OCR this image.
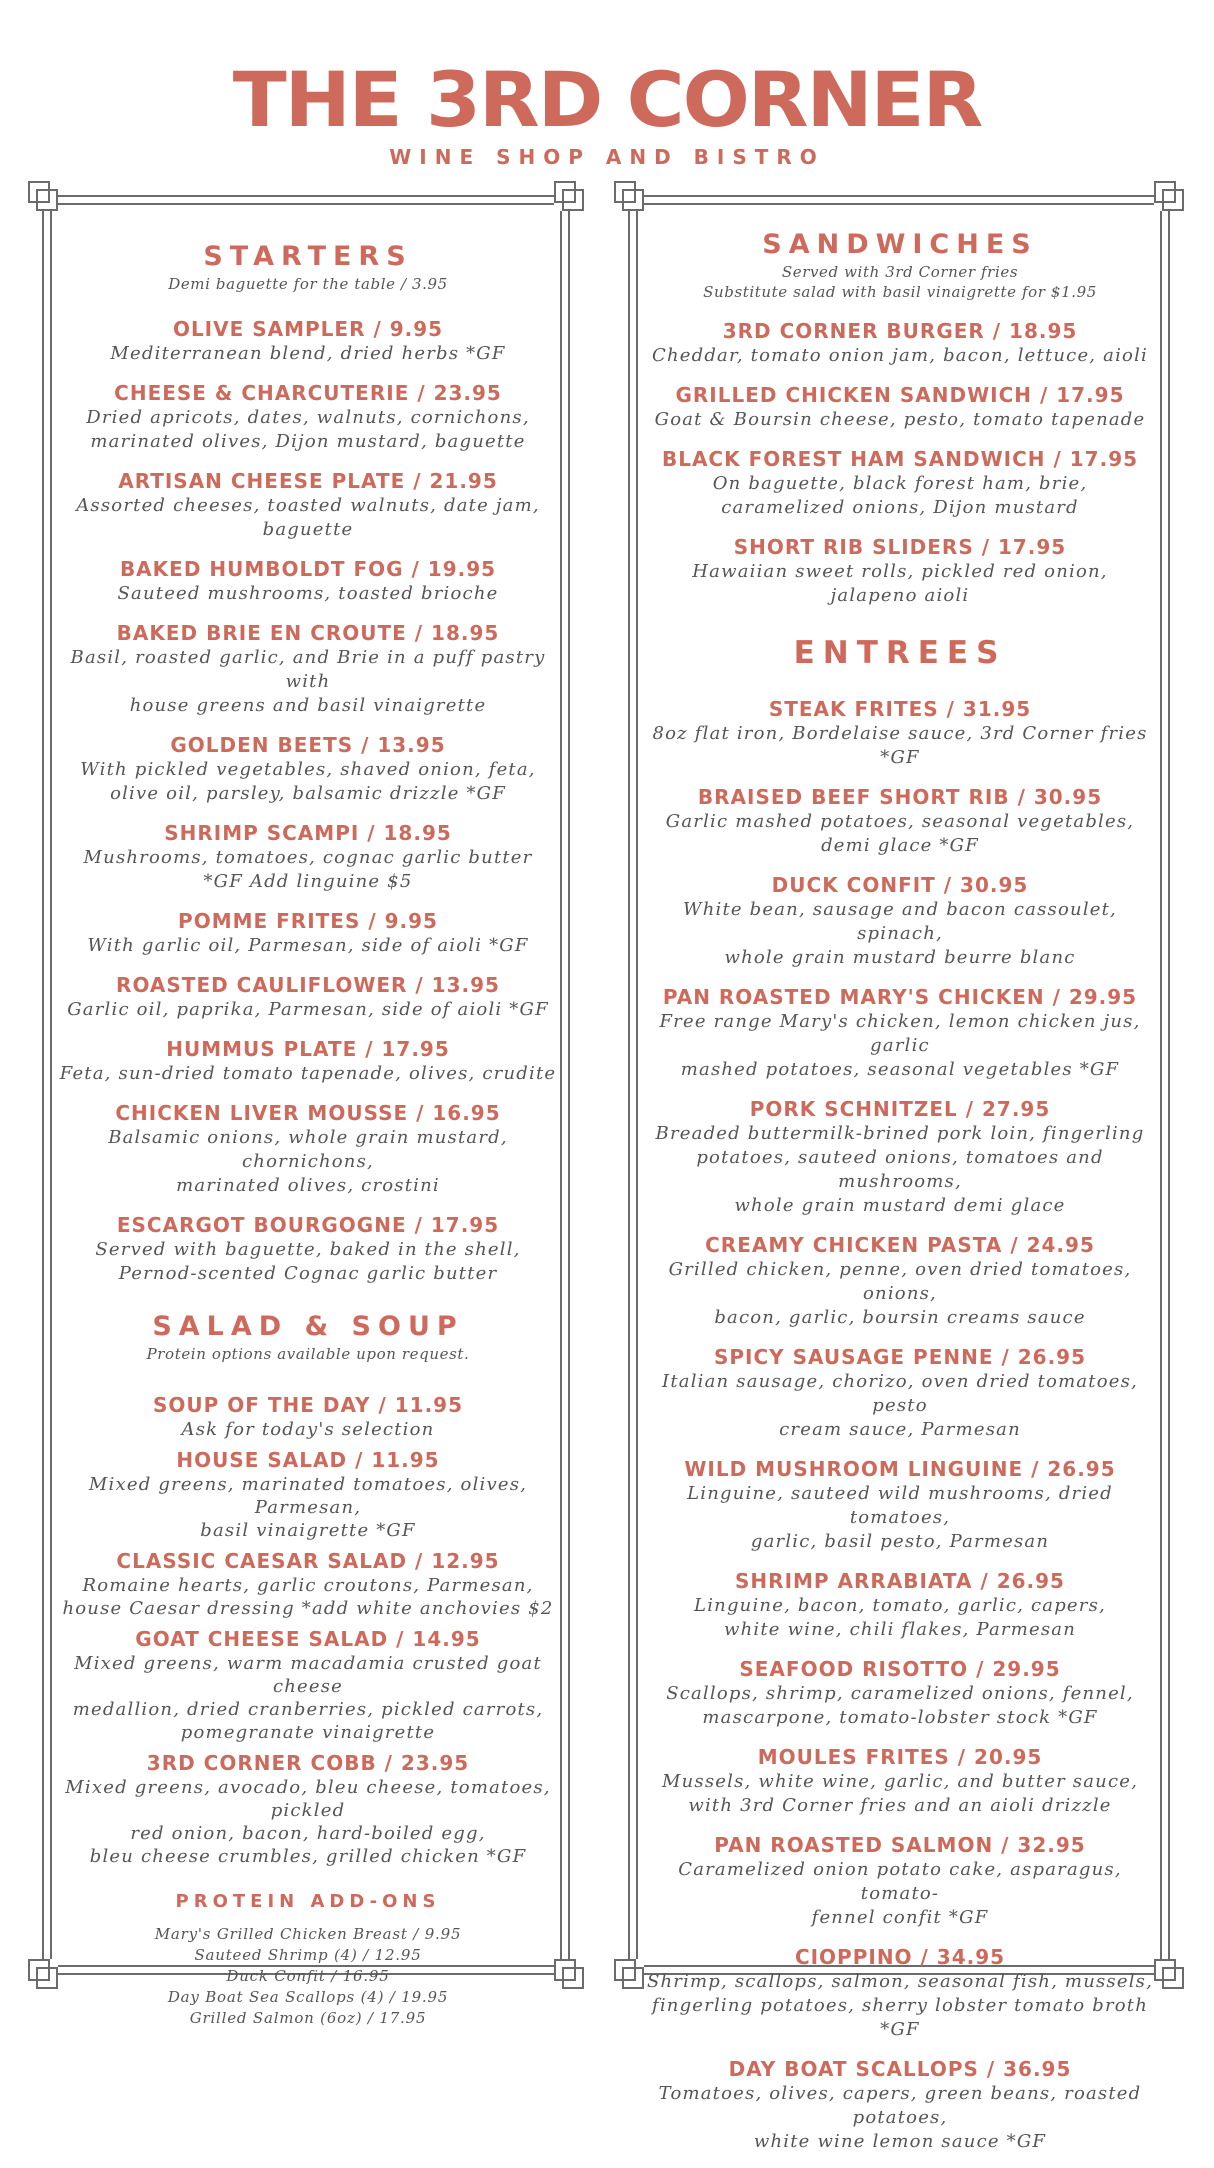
THE 3RD CORNER
WINE SHOP AND BISTRO
STARTERS
Demi baguette for the table / 3.95
OLIVE SAMPLER / 9.95
Mediterranean blend, dried herbs *GF
CHEESE & CHARCUTERIE / 23.95
Dried apricots, dates, walnuts, cornichons,
marinated olives, Dijon mustard, baguette
ARTISAN CHEESE PLATE / 21.95
Assorted cheeses, toasted walnuts, date jam, baguette
BAKED HUMBOLDT FOG / 19.95
Sauteed mushrooms, toasted brioche
BAKED BRIE EN CROUTE / 18.95
Basil, roasted garlic, and Brie in a puff pastry with
house greens and basil vinaigrette
GOLDEN BEETS / 13.95
With pickled vegetables, shaved onion, feta,
olive oil, parsley, balsamic drizzle *GF
SHRIMP SCAMPI / 18.95
Mushrooms, tomatoes, cognac garlic butter
*GF Add linguine $5
POMME FRITES / 9.95
With garlic oil, Parmesan, side of aioli *GF
ROASTED CAULIFLOWER / 13.95
Garlic oil, paprika, Parmesan, side of aioli *GF
HUMMUS PLATE / 17.95
Feta, sun-dried tomato tapenade, olives, crudite
CHICKEN LIVER MOUSSE / 16.95
Balsamic onions, whole grain mustard, chornichons,
marinated olives, crostini
ESCARGOT BOURGOGNE / 17.95
Served with baguette, baked in the shell,
Pernod-scented Cognac garlic butter
SALAD & SOUP
Protein options available upon request.
SOUP OF THE DAY / 11.95
Ask for today's selection
HOUSE SALAD / 11.95
Mixed greens, marinated tomatoes, olives, Parmesan,
basil vinaigrette *GF
CLASSIC CAESAR SALAD / 12.95
Romaine hearts, garlic croutons, Parmesan,
house Caesar dressing *add white anchovies $2
GOAT CHEESE SALAD / 14.95
Mixed greens, warm macadamia crusted goat cheese
medallion, dried cranberries, pickled carrots,
pomegranate vinaigrette
3RD CORNER COBB / 23.95
Mixed greens, avocado, bleu cheese, tomatoes, pickled
red onion, bacon, hard-boiled egg,
bleu cheese crumbles, grilled chicken *GF
PROTEIN ADD-ONS
Mary's Grilled Chicken Breast / 9.95
Sauteed Shrimp (4) / 12.95
Duck Confit / 16.95
Day Boat Sea Scallops (4) / 19.95
Grilled Salmon (6oz) / 17.95
SANDWICHES
Served with 3rd Corner fries
Substitute salad with basil vinaigrette for $1.95
3RD CORNER BURGER / 18.95
Cheddar, tomato onion jam, bacon, lettuce, aioli
GRILLED CHICKEN SANDWICH / 17.95
Goat & Boursin cheese, pesto, tomato tapenade
BLACK FOREST HAM SANDWICH / 17.95
On baguette, black forest ham, brie,
caramelized onions, Dijon mustard
SHORT RIB SLIDERS / 17.95
Hawaiian sweet rolls, pickled red onion,
jalapeno aioli
ENTREES
STEAK FRITES / 31.95
8oz flat iron, Bordelaise sauce, 3rd Corner fries *GF
BRAISED BEEF SHORT RIB / 30.95
Garlic mashed potatoes, seasonal vegetables,
demi glace *GF
DUCK CONFIT / 30.95
White bean, sausage and bacon cassoulet, spinach,
whole grain mustard beurre blanc
PAN ROASTED MARY'S CHICKEN / 29.95
Free range Mary's chicken, lemon chicken jus, garlic
mashed potatoes, seasonal vegetables *GF
PORK SCHNITZEL / 27.95
Breaded buttermilk-brined pork loin, fingerling
potatoes, sauteed onions, tomatoes and mushrooms,
whole grain mustard demi glace
CREAMY CHICKEN PASTA / 24.95
Grilled chicken, penne, oven dried tomatoes, onions,
bacon, garlic, boursin creams sauce
SPICY SAUSAGE PENNE / 26.95
Italian sausage, chorizo, oven dried tomatoes, pesto
cream sauce, Parmesan
WILD MUSHROOM LINGUINE / 26.95
Linguine, sauteed wild mushrooms, dried tomatoes,
garlic, basil pesto, Parmesan
SHRIMP ARRABIATA / 26.95
Linguine, bacon, tomato, garlic, capers,
white wine, chili flakes, Parmesan
SEAFOOD RISOTTO / 29.95
Scallops, shrimp, caramelized onions, fennel,
mascarpone, tomato-lobster stock *GF
MOULES FRITES / 20.95
Mussels, white wine, garlic, and butter sauce,
with 3rd Corner fries and an aioli drizzle
PAN ROASTED SALMON / 32.95
Caramelized onion potato cake, asparagus, tomato-
fennel confit *GF
CIOPPINO / 34.95
Shrimp, scallops, salmon, seasonal fish, mussels,
fingerling potatoes, sherry lobster tomato broth *GF
DAY BOAT SCALLOPS / 36.95
Tomatoes, olives, capers, green beans, roasted potatoes,
white wine lemon sauce *GF
